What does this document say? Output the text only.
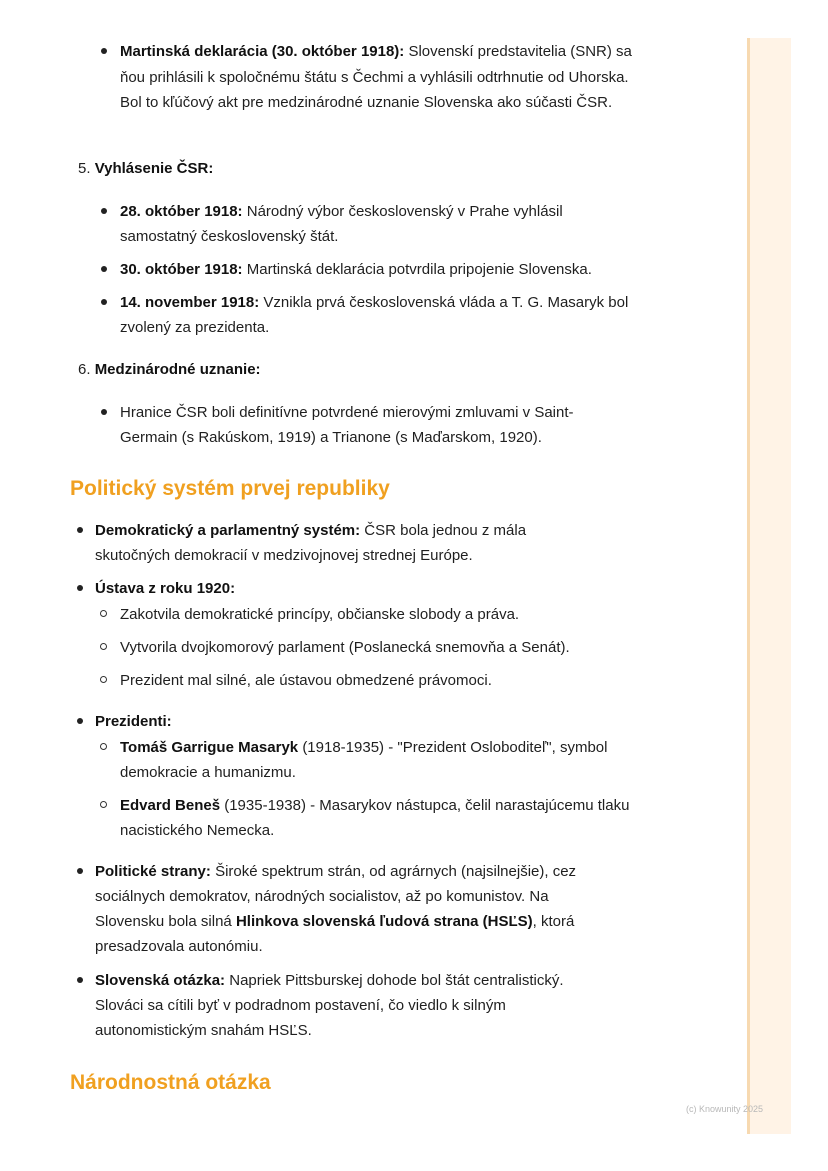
Martinská deklarácia (30. október 1918): Slovenskí predstavitelia (SNR) sa ňou prihlásili k spoločnému štátu s Čechmi a vyhlásili odtrhnutie od Uhorska. Bol to kľúčový akt pre medzinárodné uznanie Slovenska ako súčasti ČSR.
5. Vyhlásenie ČSR:
28. október 1918: Národný výbor československý v Prahe vyhlásil samostatný československý štát.
30. október 1918: Martinská deklarácia potvrdila pripojenie Slovenska.
14. november 1918: Vznikla prvá československá vláda a T. G. Masaryk bol zvolený za prezidenta.
6. Medzinárodné uznanie:
Hranice ČSR boli definitívne potvrdené mierovými zmluvami v Saint-Germain (s Rakúskom, 1919) a Trianone (s Maďarskom, 1920).
Politický systém prvej republiky
Demokratický a parlamentný systém: ČSR bola jednou z mála skutočných demokracií v medzivojnovej strednej Európe.
Ústava z roku 1920:
Zakotvila demokratické princípy, občianske slobody a práva.
Vytvorila dvojkomorový parlament (Poslanecká snemovňa a Senát).
Prezident mal silné, ale ústavou obmedzené právomoci.
Prezidenti:
Tomáš Garrigue Masaryk (1918-1935) - "Prezident Osloboditeľ", symbol demokracie a humanizmu.
Edvard Beneš (1935-1938) - Masarykov nástupca, čelil narastajúcemu tlaku nacistického Nemecka.
Politické strany: Široké spektrum strán, od agrárnych (najsilnejšie), cez sociálnych demokratov, národných socialistov, až po komunistov. Na Slovensku bola silná Hlinkova slovenská ľudová strana (HSĽS), ktorá presadzovala autonómiu.
Slovenská otázka: Napriek Pittsburskej dohode bol štát centralistický. Slováci sa cítili byť v podradnom postavení, čo viedlo k silným autonomistickým snahám HSĽS.
Národnostná otázka
(c) Knowunity 2025
